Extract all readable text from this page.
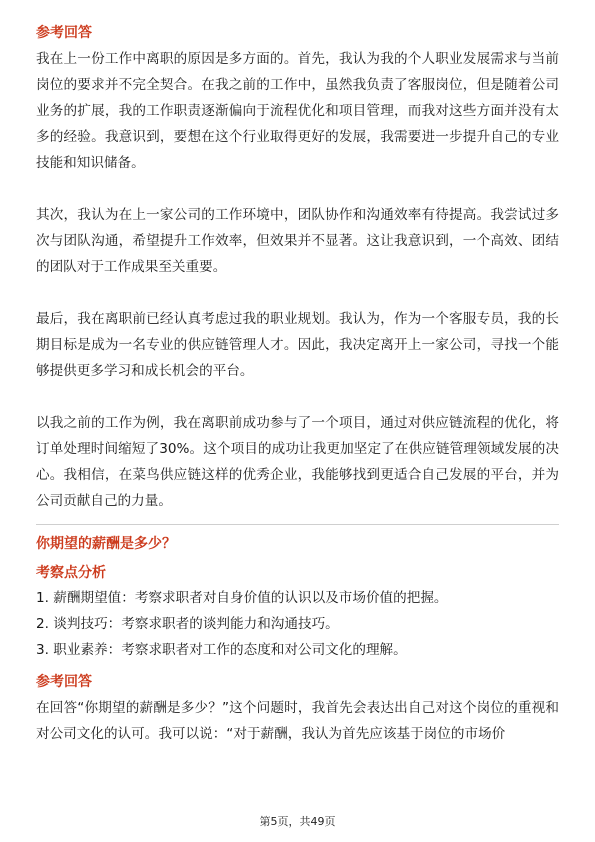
参考回答

我在上一份工作中离职的原因是多方面的。首先，我认为我的个人职业发展需求与当前岗位的要求并不完全契合。在我之前的工作中，虽然我负责了客服岗位，但是随着公司业务的扩展，我的工作职责逐渐偏向于流程优化和项目管理，而我对这些方面并没有太多的经验。我意识到，要想在这个行业取得更好的发展，我需要进一步提升自己的专业技能和知识储备。

其次，我认为在上一家公司的工作环境中，团队协作和沟通效率有待提高。我尝试过多次与团队沟通，希望提升工作效率，但效果并不显著。这让我意识到，一个高效、团结的团队对于工作成果至关重要。

最后，我在离职前已经认真考虑过我的职业规划。我认为，作为一个客服专员，我的长期目标是成为一名专业的供应链管理人才。因此，我决定离开上一家公司，寻找一个能够提供更多学习和成长机会的平台。

以我之前的工作为例，我在离职前成功参与了一个项目，通过对供应链流程的优化，将订单处理时间缩短了30%。这个项目的成功让我更加坚定了在供应链管理领域发展的决心。我相信，在菜鸟供应链这样的优秀企业，我能够找到更适合自己发展的平台，并为公司贡献自己的力量。

你期望的薪酬是多少？
考察点分析

1. 薪酬期望值：考察求职者对自身价值的认识以及市场价值的把握。

2. 谈判技巧：考察求职者的谈判能力和沟通技巧。

3. 职业素养：考察求职者对工作的态度和对公司文化的理解。

参考回答

在回答“你期望的薪酬是多少？”这个问题时，我首先会表达出自己对这个岗位的重视和对公司文化的认可。我可以说：“对于薪酬，我认为首先应该基于岗位的市场价

第5页，共49页
